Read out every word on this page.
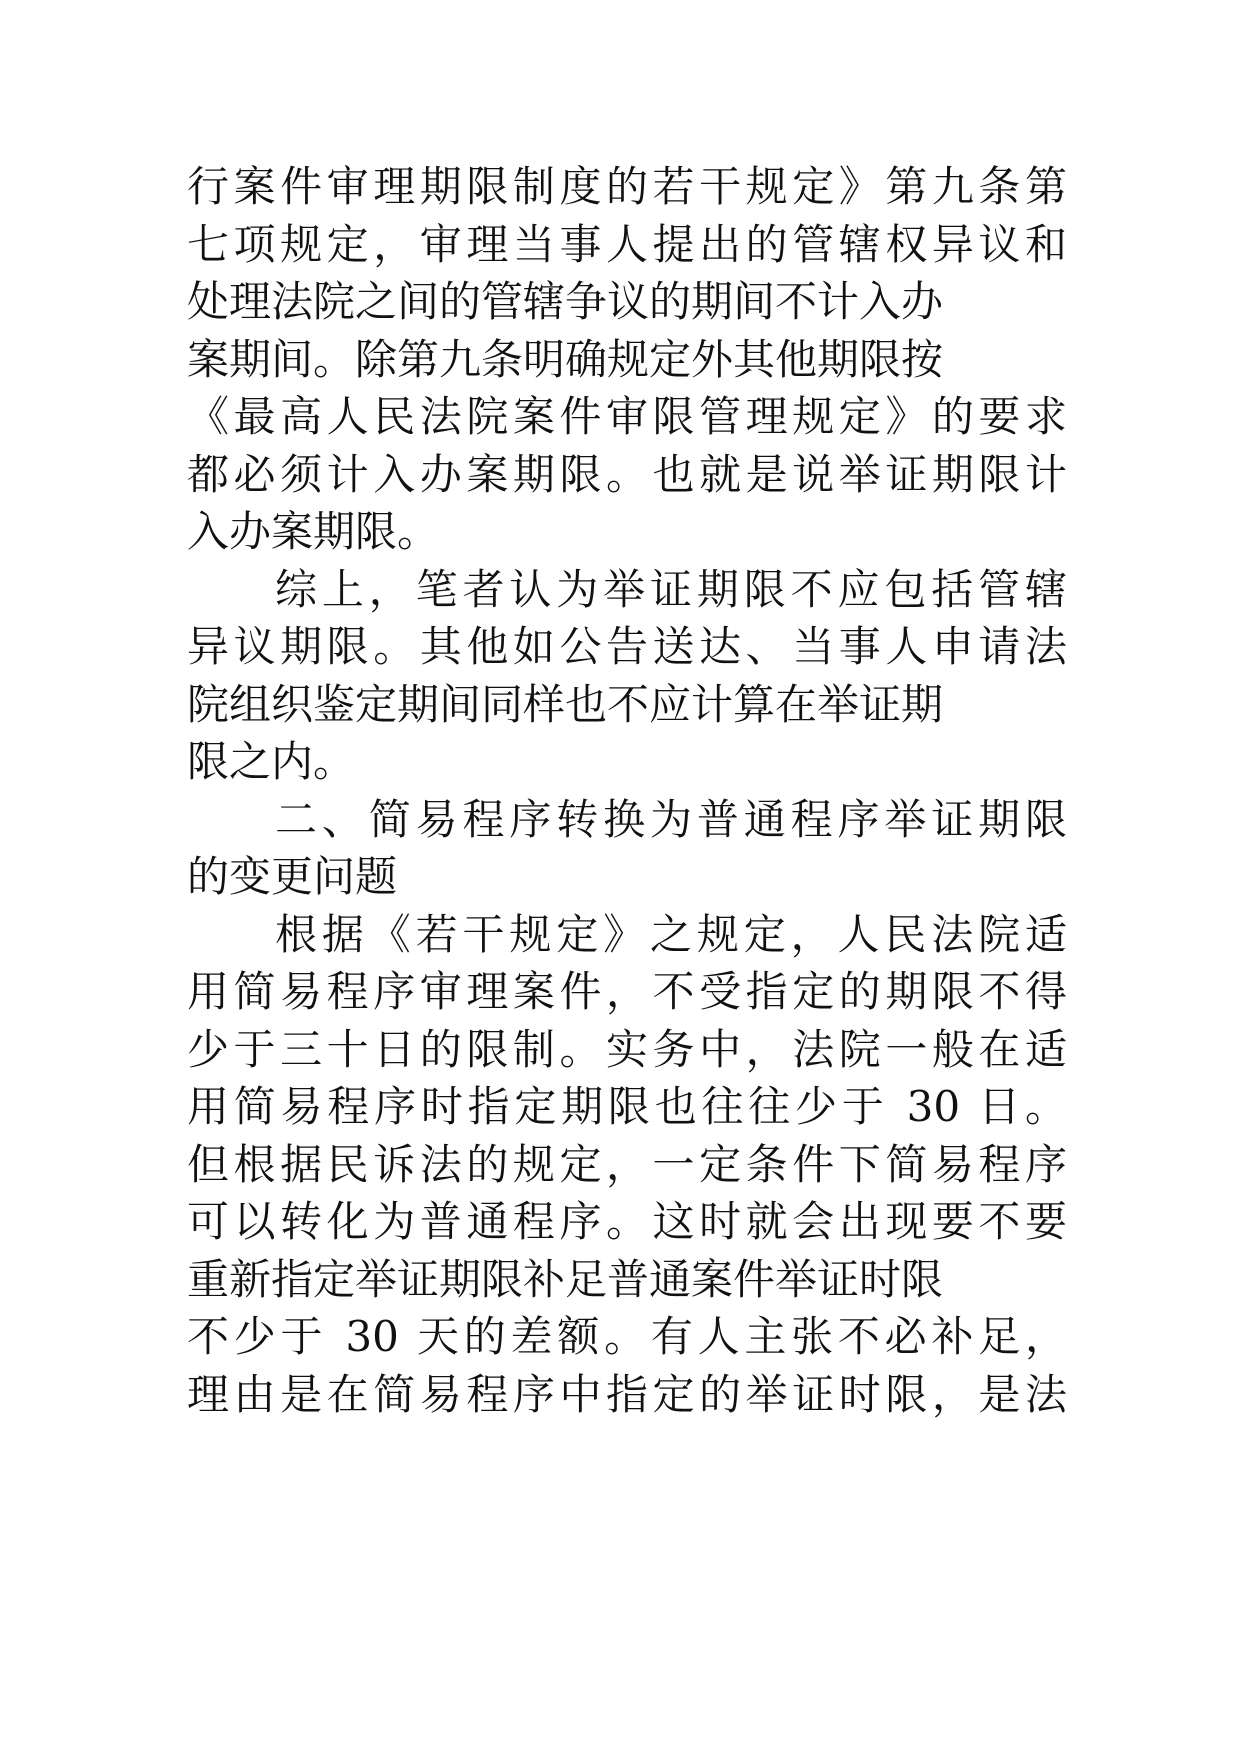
行案件审理期限制度的若干规定》第九条第
七项规定，审理当事人提出的管辖权异议和
处理法院之间的管辖争议的期间不计入办
案期间。除第九条明确规定外其他期限按
《最高人民法院案件审限管理规定》的要求
都必须计入办案期限。也就是说举证期限计
入办案期限。
综上，笔者认为举证期限不应包括管辖
异议期限。其他如公告送达、当事人申请法
院组织鉴定期间同样也不应计算在举证期
限之内。
二、简易程序转换为普通程序举证期限
的变更问题
根据《若干规定》之规定，人民法院适
用简易程序审理案件，不受指定的期限不得
少于三十日的限制。实务中，法院一般在适
用简易程序时指定期限也往往少于 30 日。
但根据民诉法的规定，一定条件下简易程序
可以转化为普通程序。这时就会出现要不要
重新指定举证期限补足普通案件举证时限
不少于 30 天的差额。有人主张不必补足，
理由是在简易程序中指定的举证时限，是法
